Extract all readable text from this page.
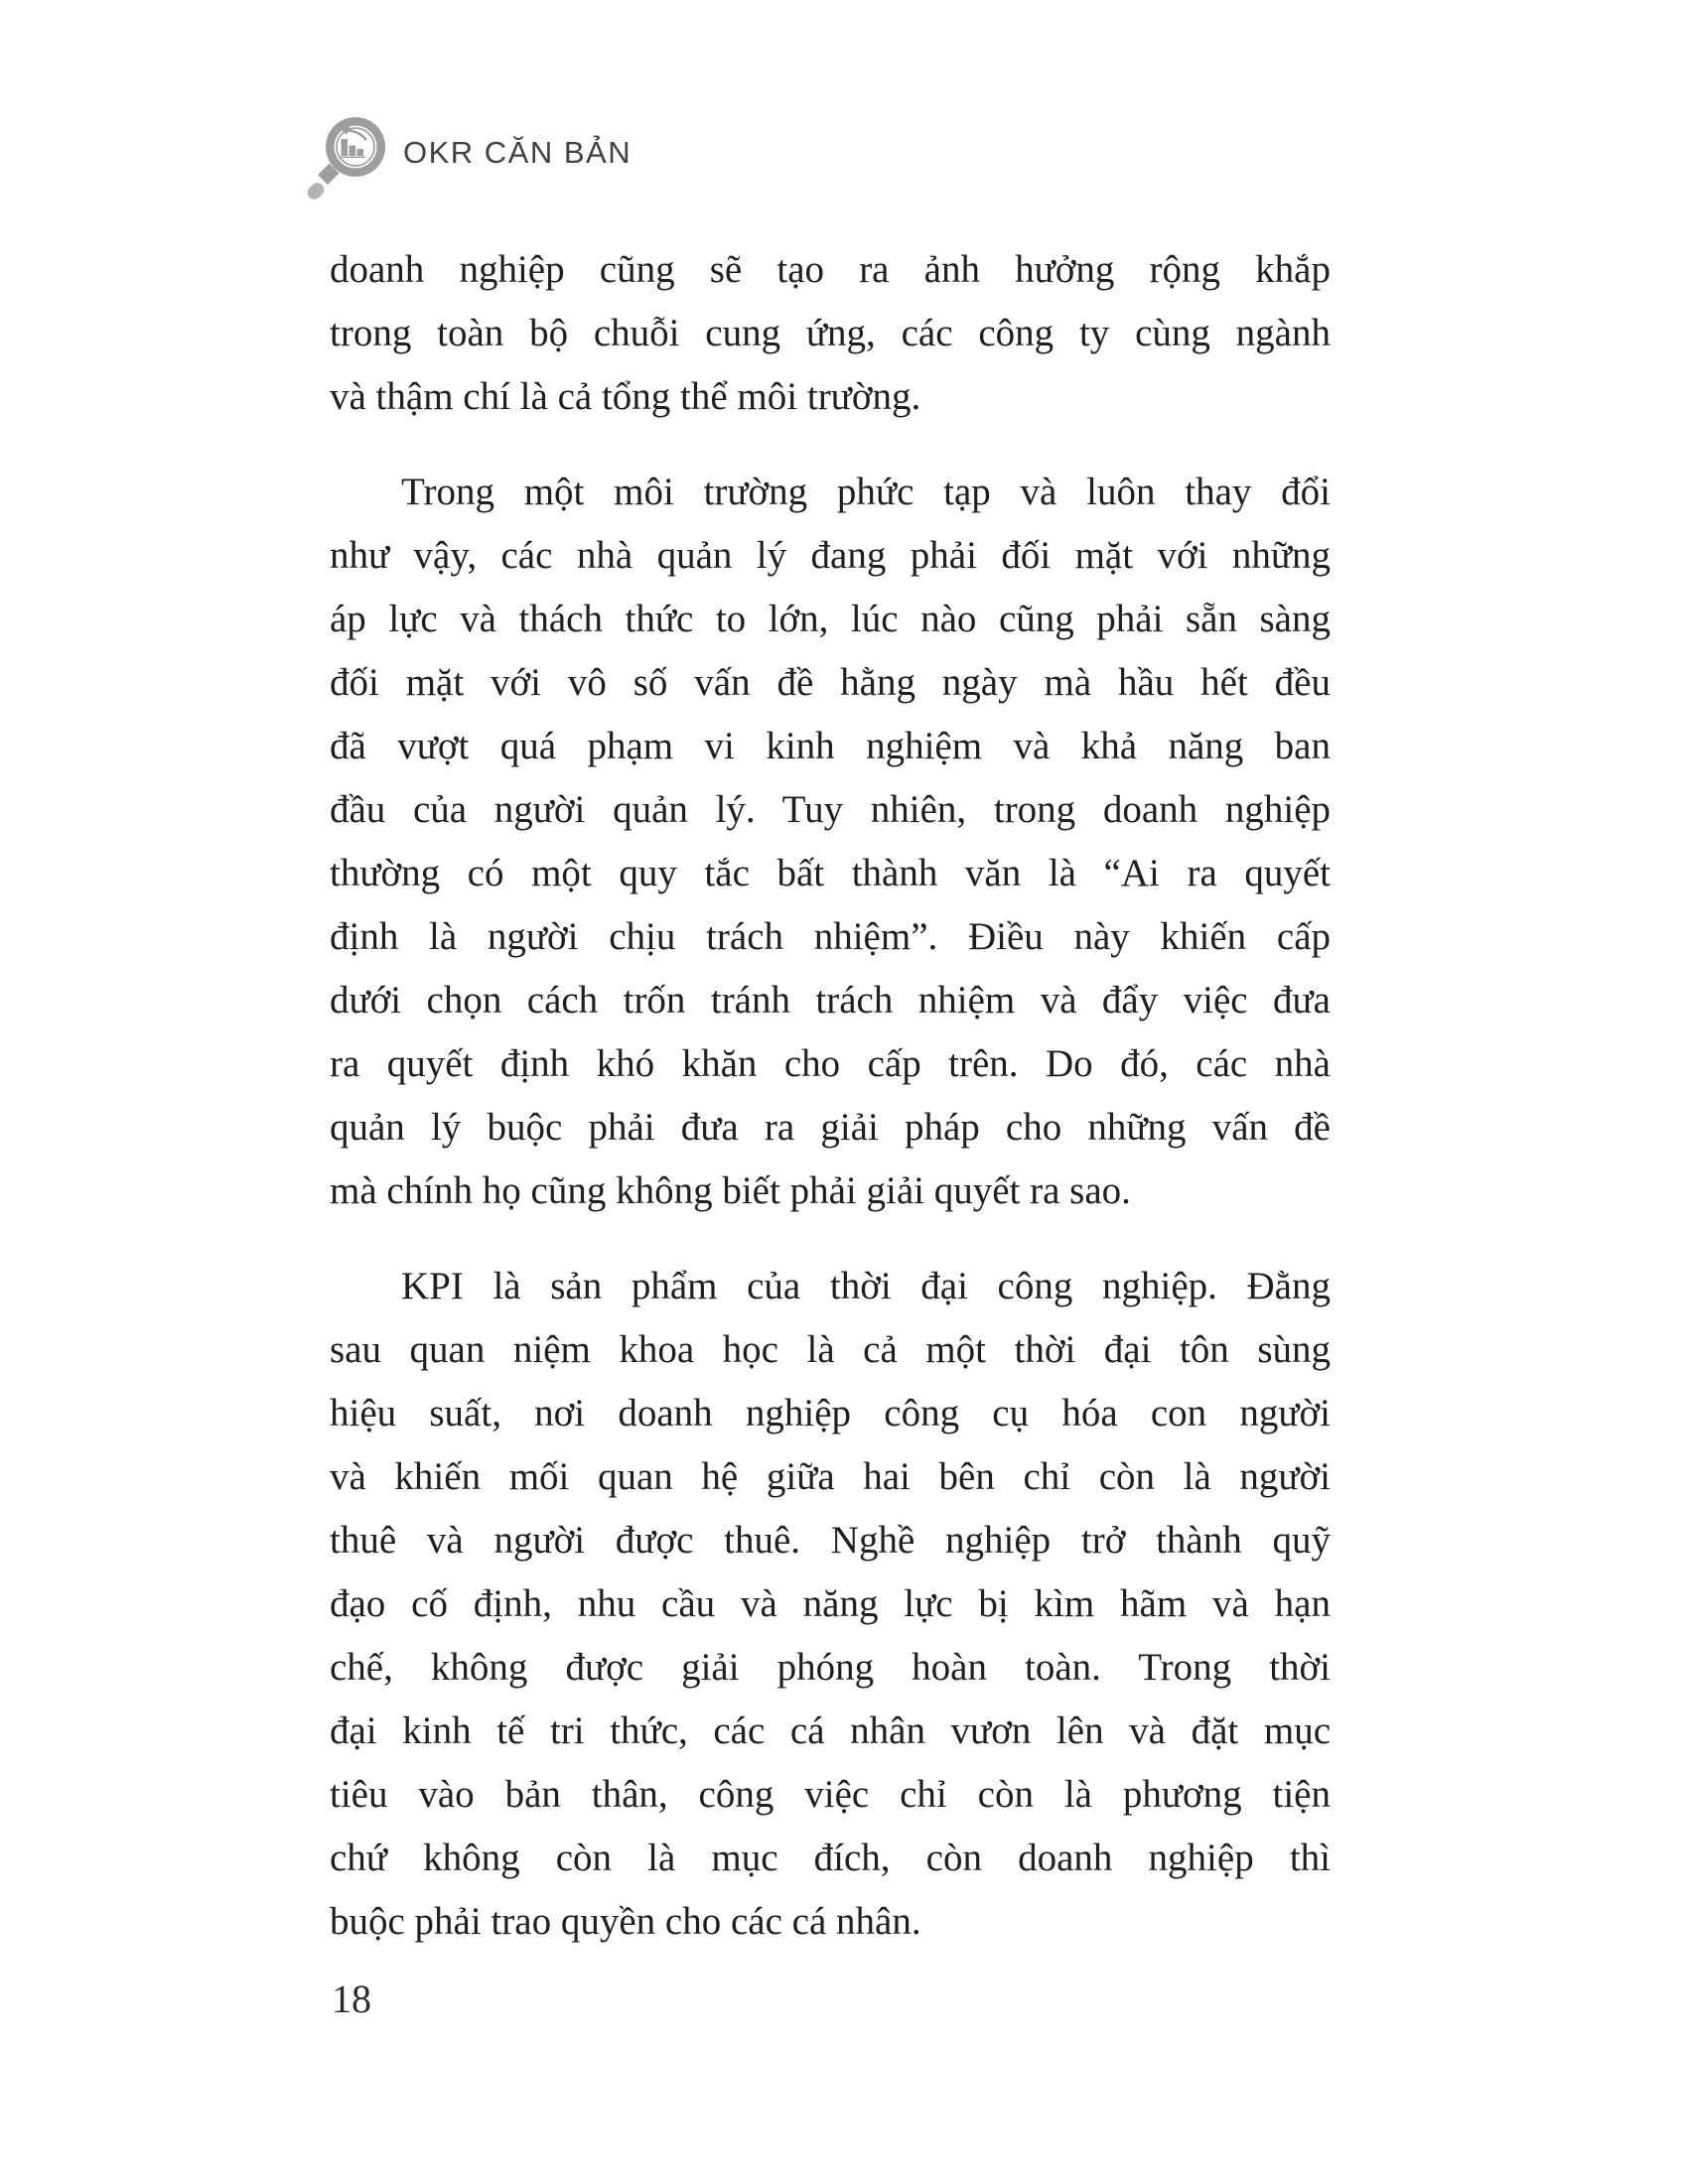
OKR CĂN BẢN
doanh nghiệp cũng sẽ tạo ra ảnh hưởng rộng khắp
trong toàn bộ chuỗi cung ứng, các công ty cùng ngành
và thậm chí là cả tổng thể môi trường.
Trong một môi trường phức tạp và luôn thay đổi
như vậy, các nhà quản lý đang phải đối mặt với những
áp lực và thách thức to lớn, lúc nào cũng phải sẵn sàng
đối mặt với vô số vấn đề hằng ngày mà hầu hết đều
đã vượt quá phạm vi kinh nghiệm và khả năng ban
đầu của người quản lý. Tuy nhiên, trong doanh nghiệp
thường có một quy tắc bất thành văn là “Ai ra quyết
định là người chịu trách nhiệm”. Điều này khiến cấp
dưới chọn cách trốn tránh trách nhiệm và đẩy việc đưa
ra quyết định khó khăn cho cấp trên. Do đó, các nhà
quản lý buộc phải đưa ra giải pháp cho những vấn đề
mà chính họ cũng không biết phải giải quyết ra sao.
KPI là sản phẩm của thời đại công nghiệp. Đằng
sau quan niệm khoa học là cả một thời đại tôn sùng
hiệu suất, nơi doanh nghiệp công cụ hóa con người
và khiến mối quan hệ giữa hai bên chỉ còn là người
thuê và người được thuê. Nghề nghiệp trở thành quỹ
đạo cố định, nhu cầu và năng lực bị kìm hãm và hạn
chế, không được giải phóng hoàn toàn. Trong thời
đại kinh tế tri thức, các cá nhân vươn lên và đặt mục
tiêu vào bản thân, công việc chỉ còn là phương tiện
chứ không còn là mục đích, còn doanh nghiệp thì
buộc phải trao quyền cho các cá nhân.
18
